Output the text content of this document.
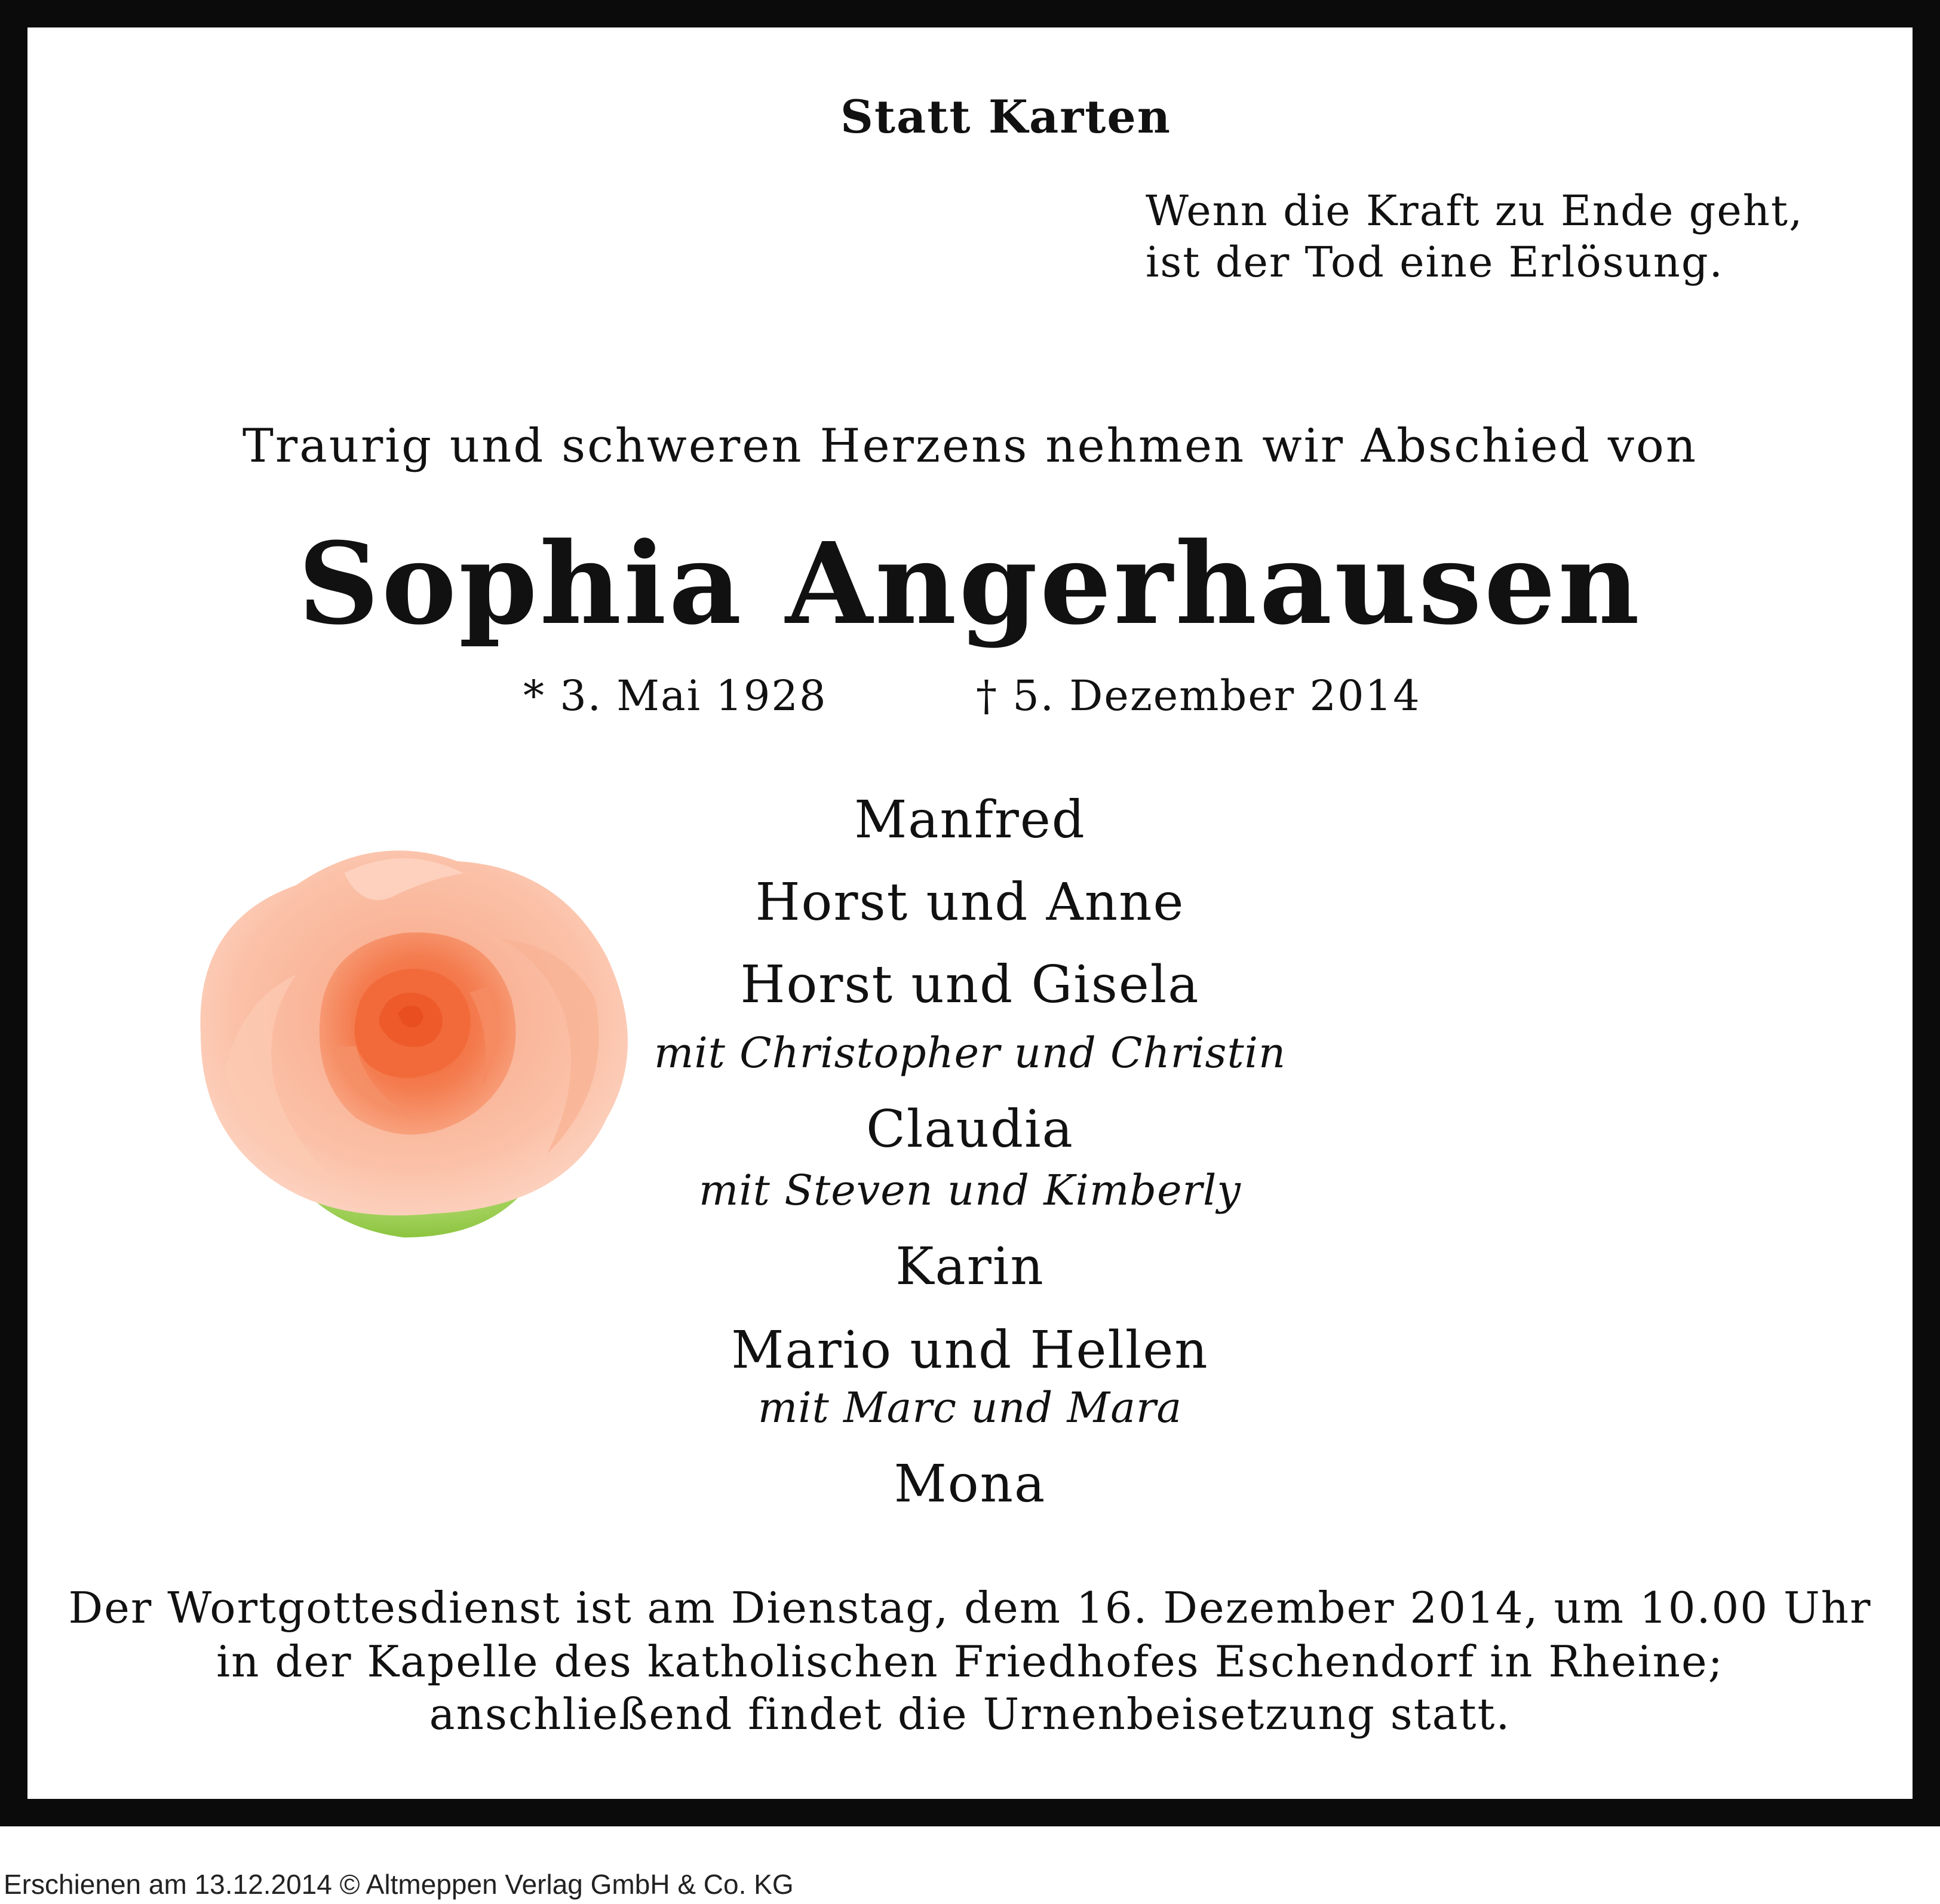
Statt Karten
Wenn die Kraft zu Ende geht,
ist der Tod eine Erlösung.
Traurig und schweren Herzens nehmen wir Abschied von
Sophia Angerhausen
* 3. Mai 1928	† 5. Dezember 2014
Manfred
Horst und Anne
Horst und Gisela
mit Christopher und Christin
Claudia
mit Steven und Kimberly
Karin
Mario und Hellen
mit Marc und Mara
Mona
Der Wortgottesdienst ist am Dienstag, dem 16. Dezember 2014, um 10.00 Uhr
in der Kapelle des katholischen Friedhofes Eschendorf in Rheine;
anschließend findet die Urnenbeisetzung statt.
Erschienen am 13.12.2014 © Altmeppen Verlag GmbH & Co. KG
